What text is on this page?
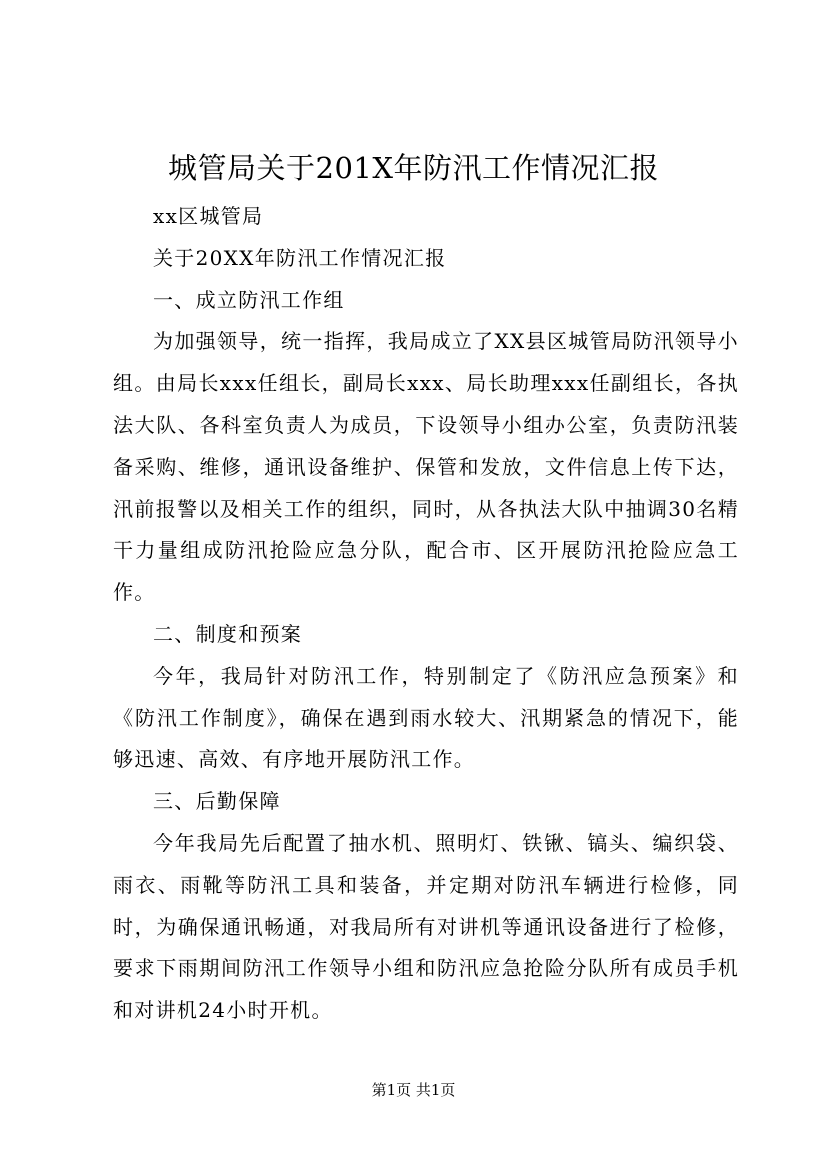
城管局关于201X年防汛工作情况汇报

xx区城管局

关于20XX年防汛工作情况汇报

一、成立防汛工作组

为加强领导，统一指挥，我局成立了XX县区城管局防汛领导小组。由局长xxx任组长，副局长xxx、局长助理xxx任副组长，各执法大队、各科室负责人为成员，下设领导小组办公室，负责防汛装备采购、维修，通讯设备维护、保管和发放，文件信息上传下达，汛前报警以及相关工作的组织，同时，从各执法大队中抽调30名精干力量组成防汛抢险应急分队，配合市、区开展防汛抢险应急工作。

二、制度和预案

今年，我局针对防汛工作，特别制定了《防汛应急预案》和《防汛工作制度》，确保在遇到雨水较大、汛期紧急的情况下，能够迅速、高效、有序地开展防汛工作。

三、后勤保障

今年我局先后配置了抽水机、照明灯、铁锹、镐头、编织袋、雨衣、雨靴等防汛工具和装备，并定期对防汛车辆进行检修，同时，为确保通讯畅通，对我局所有对讲机等通讯设备进行了检修，要求下雨期间防汛工作领导小组和防汛应急抢险分队所有成员手机和对讲机24小时开机。

第1页 共1页
